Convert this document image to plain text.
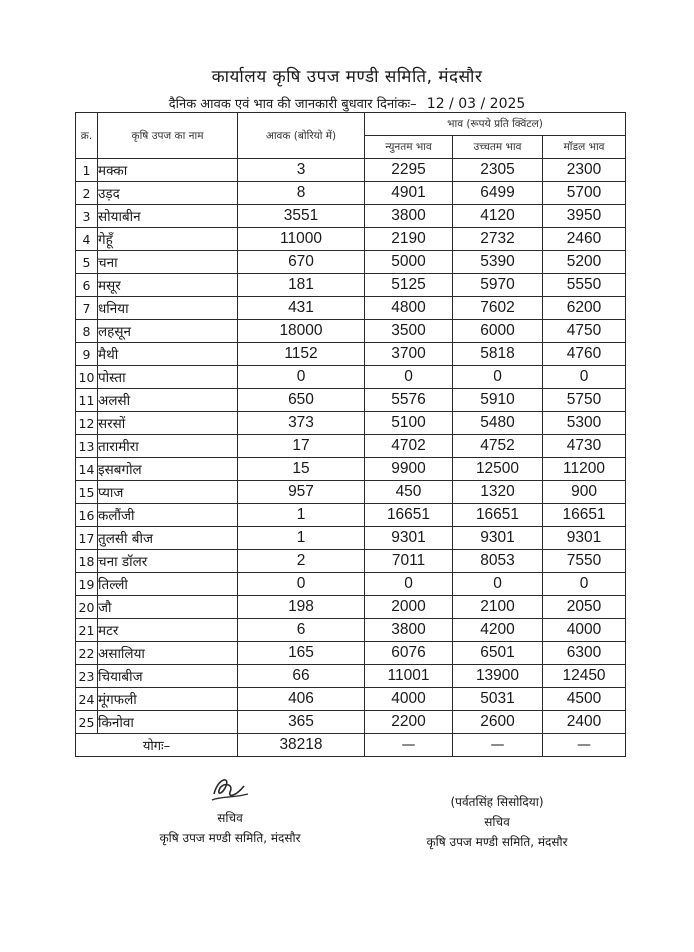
कार्यालय कृषि उपज मण्डी समिति, मंदसौर
दैनिक आवक एवं भाव की जानकारी बुधवार दिनांकः– 12 / 03 / 2025
क्र.	कृषि उपज का नाम	आवक (बोरियो में)	भाव (रूपये प्रति क्विंटल)		
			न्युनतम भाव	उच्चतम भाव	मॉडल भाव
1	मक्का	3	2295	2305	2300
2	उड़द	8	4901	6499	5700
3	सोयाबीन	3551	3800	4120	3950
4	गेहूँ	11000	2190	2732	2460
5	चना	670	5000	5390	5200
6	मसूर	181	5125	5970	5550
7	धनिया	431	4800	7602	6200
8	लहसून	18000	3500	6000	4750
9	मैथी	1152	3700	5818	4760
10	पोस्ता	0	0	0	0
11	अलसी	650	5576	5910	5750
12	सरसों	373	5100	5480	5300
13	तारामीरा	17	4702	4752	4730
14	इसबगोल	15	9900	12500	11200
15	प्याज	957	450	1320	900
16	कलौंजी	1	16651	16651	16651
17	तुलसी बीज	1	9301	9301	9301
18	चना डॉलर	2	7011	8053	7550
19	तिल्ली	0	0	0	0
20	जौ	198	2000	2100	2050
21	मटर	6	3800	4200	4000
22	असालिया	165	6076	6501	6300
23	चियाबीज	66	11001	13900	12450
24	मूंगफली	406	4000	5031	4500
25	किनोवा	365	2200	2600	2400
योगः–		38218	—	—	—
सचिव
कृषि उपज मण्डी समिति, मंदसौर
(पर्वतसिंह सिसोदिया)
सचिव
कृषि उपज मण्डी समिति, मंदसौर
